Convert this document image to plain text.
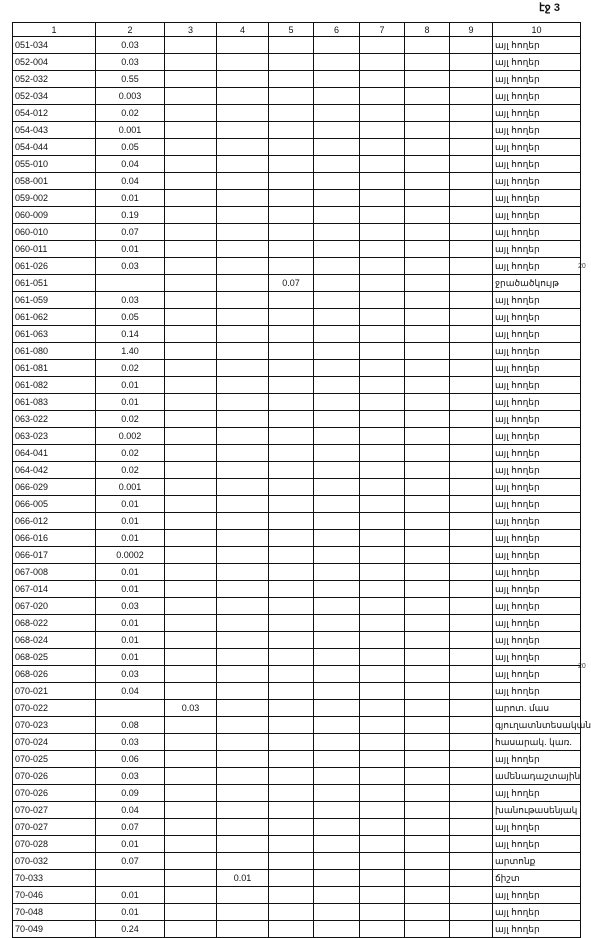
էջ 3
20
20
1	2	3	4	5	6	7	8	9	10
051-034	0.03								այլ հողեր
052-004	0.03								այլ հողեր
052-032	0.55								այլ հողեր
052-034	0.003								այլ հողեր
054-012	0.02								այլ հողեր
054-043	0.001								այլ հողեր
054-044	0.05								այլ հողեր
055-010	0.04								այլ հողեր
058-001	0.04								այլ հողեր
059-002	0.01								այլ հողեր
060-009	0.19								այլ հողեր
060-010	0.07								այլ հողեր
060-011	0.01								այլ հողեր
061-026	0.03								այլ հողեր
061-051				0.07					ջրածածկույթ
061-059	0.03								այլ հողեր
061-062	0.05								այլ հողեր
061-063	0.14								այլ հողեր
061-080	1.40								այլ հողեր
061-081	0.02								այլ հողեր
061-082	0.01								այլ հողեր
061-083	0.01								այլ հողեր
063-022	0.02								այլ հողեր
063-023	0.002								այլ հողեր
064-041	0.02								այլ հողեր
064-042	0.02								այլ հողեր
066-029	0.001								այլ հողեր
066-005	0.01								այլ հողեր
066-012	0.01								այլ հողեր
066-016	0.01								այլ հողեր
066-017	0.0002								այլ հողեր
067-008	0.01								այլ հողեր
067-014	0.01								այլ հողեր
067-020	0.03								այլ հողեր
068-022	0.01								այլ հողեր
068-024	0.01								այլ հողեր
068-025	0.01								այլ հողեր
068-026	0.03								այլ հողեր
070-021	0.04								այլ հողեր
070-022		0.03							արոտ. մաս
070-023	0.08								գյուղատնտեսական
070-024	0.03								հասարակ. կառ.
070-025	0.06								այլ հողեր
070-026	0.03								ամենադաշտային
070-026	0.09								այլ հողեր
070-027	0.04								խանութասենյակ
070-027	0.07								այլ հողեր
070-028	0.01								այլ հողեր
070-032	0.07								արտոնք
70-033			0.01						ճիշտ
70-046	0.01								այլ հողեր
70-048	0.01								այլ հողեր
70-049	0.24								այլ հողեր
